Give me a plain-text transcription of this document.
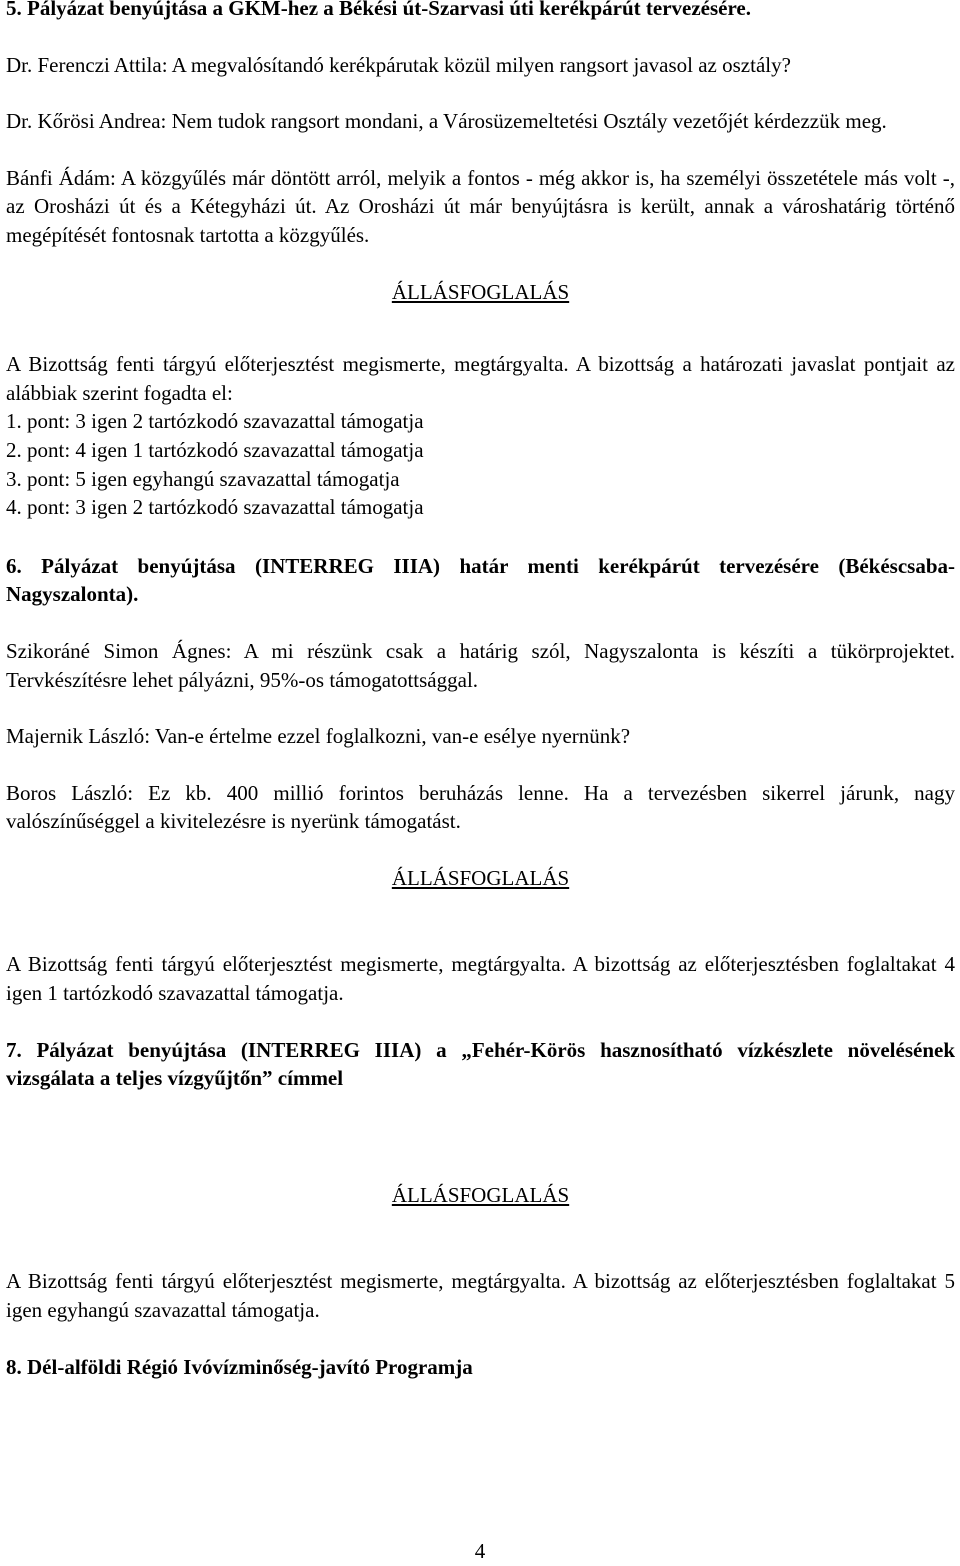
5. Pályázat benyújtása a GKM-hez a Békési út-Szarvasi úti kerékpárút tervezésére.

Dr. Ferenczi Attila: A megvalósítandó kerékpárutak közül milyen rangsort javasol az osztály?

Dr. Kőrösi Andrea: Nem tudok rangsort mondani, a Városüzemeltetési Osztály vezetőjét kérdezzük meg.

Bánfi Ádám: A közgyűlés már döntött arról, melyik a fontos - még akkor is, ha személyi összetétele más volt -, az Orosházi út és a Kétegyházi út. Az Orosházi út már benyújtásra is került, annak a városhatárig történő megépítését fontosnak tartotta a közgyűlés.

ÁLLÁSFOGLALÁS

A Bizottság fenti tárgyú előterjesztést megismerte, megtárgyalta. A bizottság a határozati javaslat pontjait az alábbiak szerint fogadta el:

1. pont: 3 igen 2 tartózkodó szavazattal támogatja

2. pont: 4 igen 1 tartózkodó szavazattal támogatja

3. pont: 5 igen egyhangú szavazattal támogatja

4. pont: 3 igen 2 tartózkodó szavazattal támogatja

6. Pályázat benyújtása (INTERREG IIIA) határ menti kerékpárút tervezésére (Békéscsaba-Nagyszalonta).

Szikoráné Simon Ágnes: A mi részünk csak a határig szól, Nagyszalonta is készíti a tükörprojektet. Tervkészítésre lehet pályázni, 95%-os támogatottsággal.

Majernik László: Van-e értelme ezzel foglalkozni, van-e esélye nyernünk?

Boros László: Ez kb. 400 millió forintos beruházás lenne. Ha a tervezésben sikerrel járunk, nagy valószínűséggel a kivitelezésre is nyerünk támogatást.

ÁLLÁSFOGLALÁS

A Bizottság fenti tárgyú előterjesztést megismerte, megtárgyalta. A bizottság az előterjesztésben foglaltakat 4 igen 1 tartózkodó szavazattal támogatja.

7. Pályázat benyújtása (INTERREG IIIA) a „Fehér-Körös hasznosítható vízkészlete növelésének vizsgálata a teljes vízgyűjtőn” címmel

ÁLLÁSFOGLALÁS

A Bizottság fenti tárgyú előterjesztést megismerte, megtárgyalta. A bizottság az előterjesztésben foglaltakat 5 igen egyhangú szavazattal támogatja.

8. Dél-alföldi Régió Ivóvízminőség-javító Programja

4
